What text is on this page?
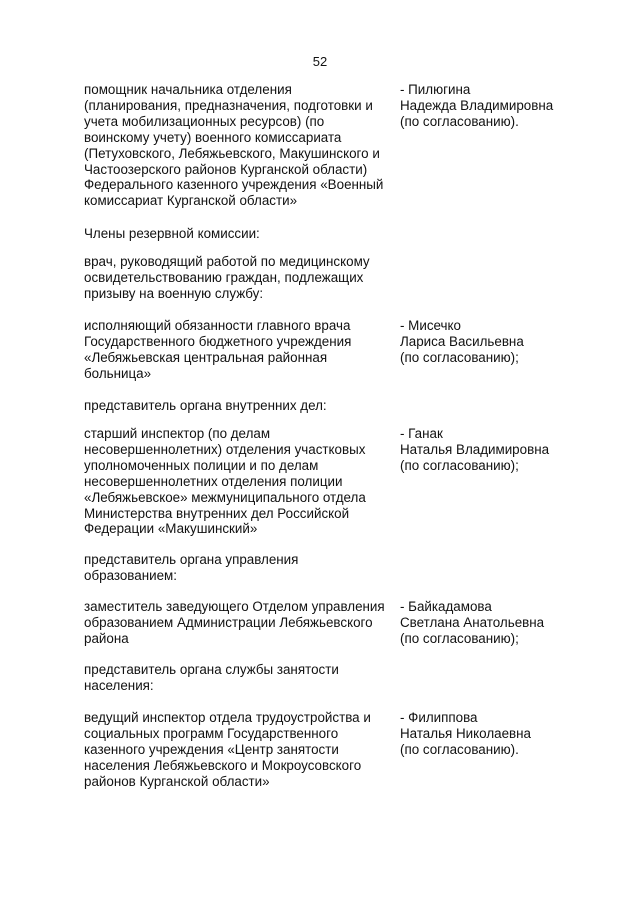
52
помощник начальника отделения
(планирования, предназначения, подготовки и
учета мобилизационных ресурсов) (по
воинскому учету) военного комиссариата
(Петуховского, Лебяжьевского, Макушинского и
Частоозерского районов Курганской области)
Федерального казенного учреждения «Военный
комиссариат Курганской области»
- Пилюгина
Надежда Владимировна
(по согласованию).
Члены резервной комиссии:
врач, руководящий работой по медицинскому
освидетельствованию граждан, подлежащих
призыву на военную службу:
исполняющий обязанности главного врача
Государственного бюджетного учреждения
«Лебяжьевская центральная районная
больница»
- Мисечко
Лариса Васильевна
(по согласованию);
представитель органа внутренних дел:
старший инспектор (по делам
несовершеннолетних) отделения участковых
уполномоченных полиции и по делам
несовершеннолетних отделения полиции
«Лебяжьевское» межмуниципального отдела
Министерства внутренних дел Российской
Федерации «Макушинский»
- Ганак
Наталья Владимировна
(по согласованию);
представитель органа управления
образованием:
заместитель заведующего Отделом управления
образованием Администрации Лебяжьевского
района
- Байкадамова
Светлана Анатольевна
(по согласованию);
представитель органа службы занятости
населения:
ведущий инспектор отдела трудоустройства и
социальных программ Государственного
казенного учреждения «Центр занятости
населения Лебяжьевского и Мокроусовского
районов Курганской области»
- Филиппова
Наталья Николаевна
(по согласованию).
